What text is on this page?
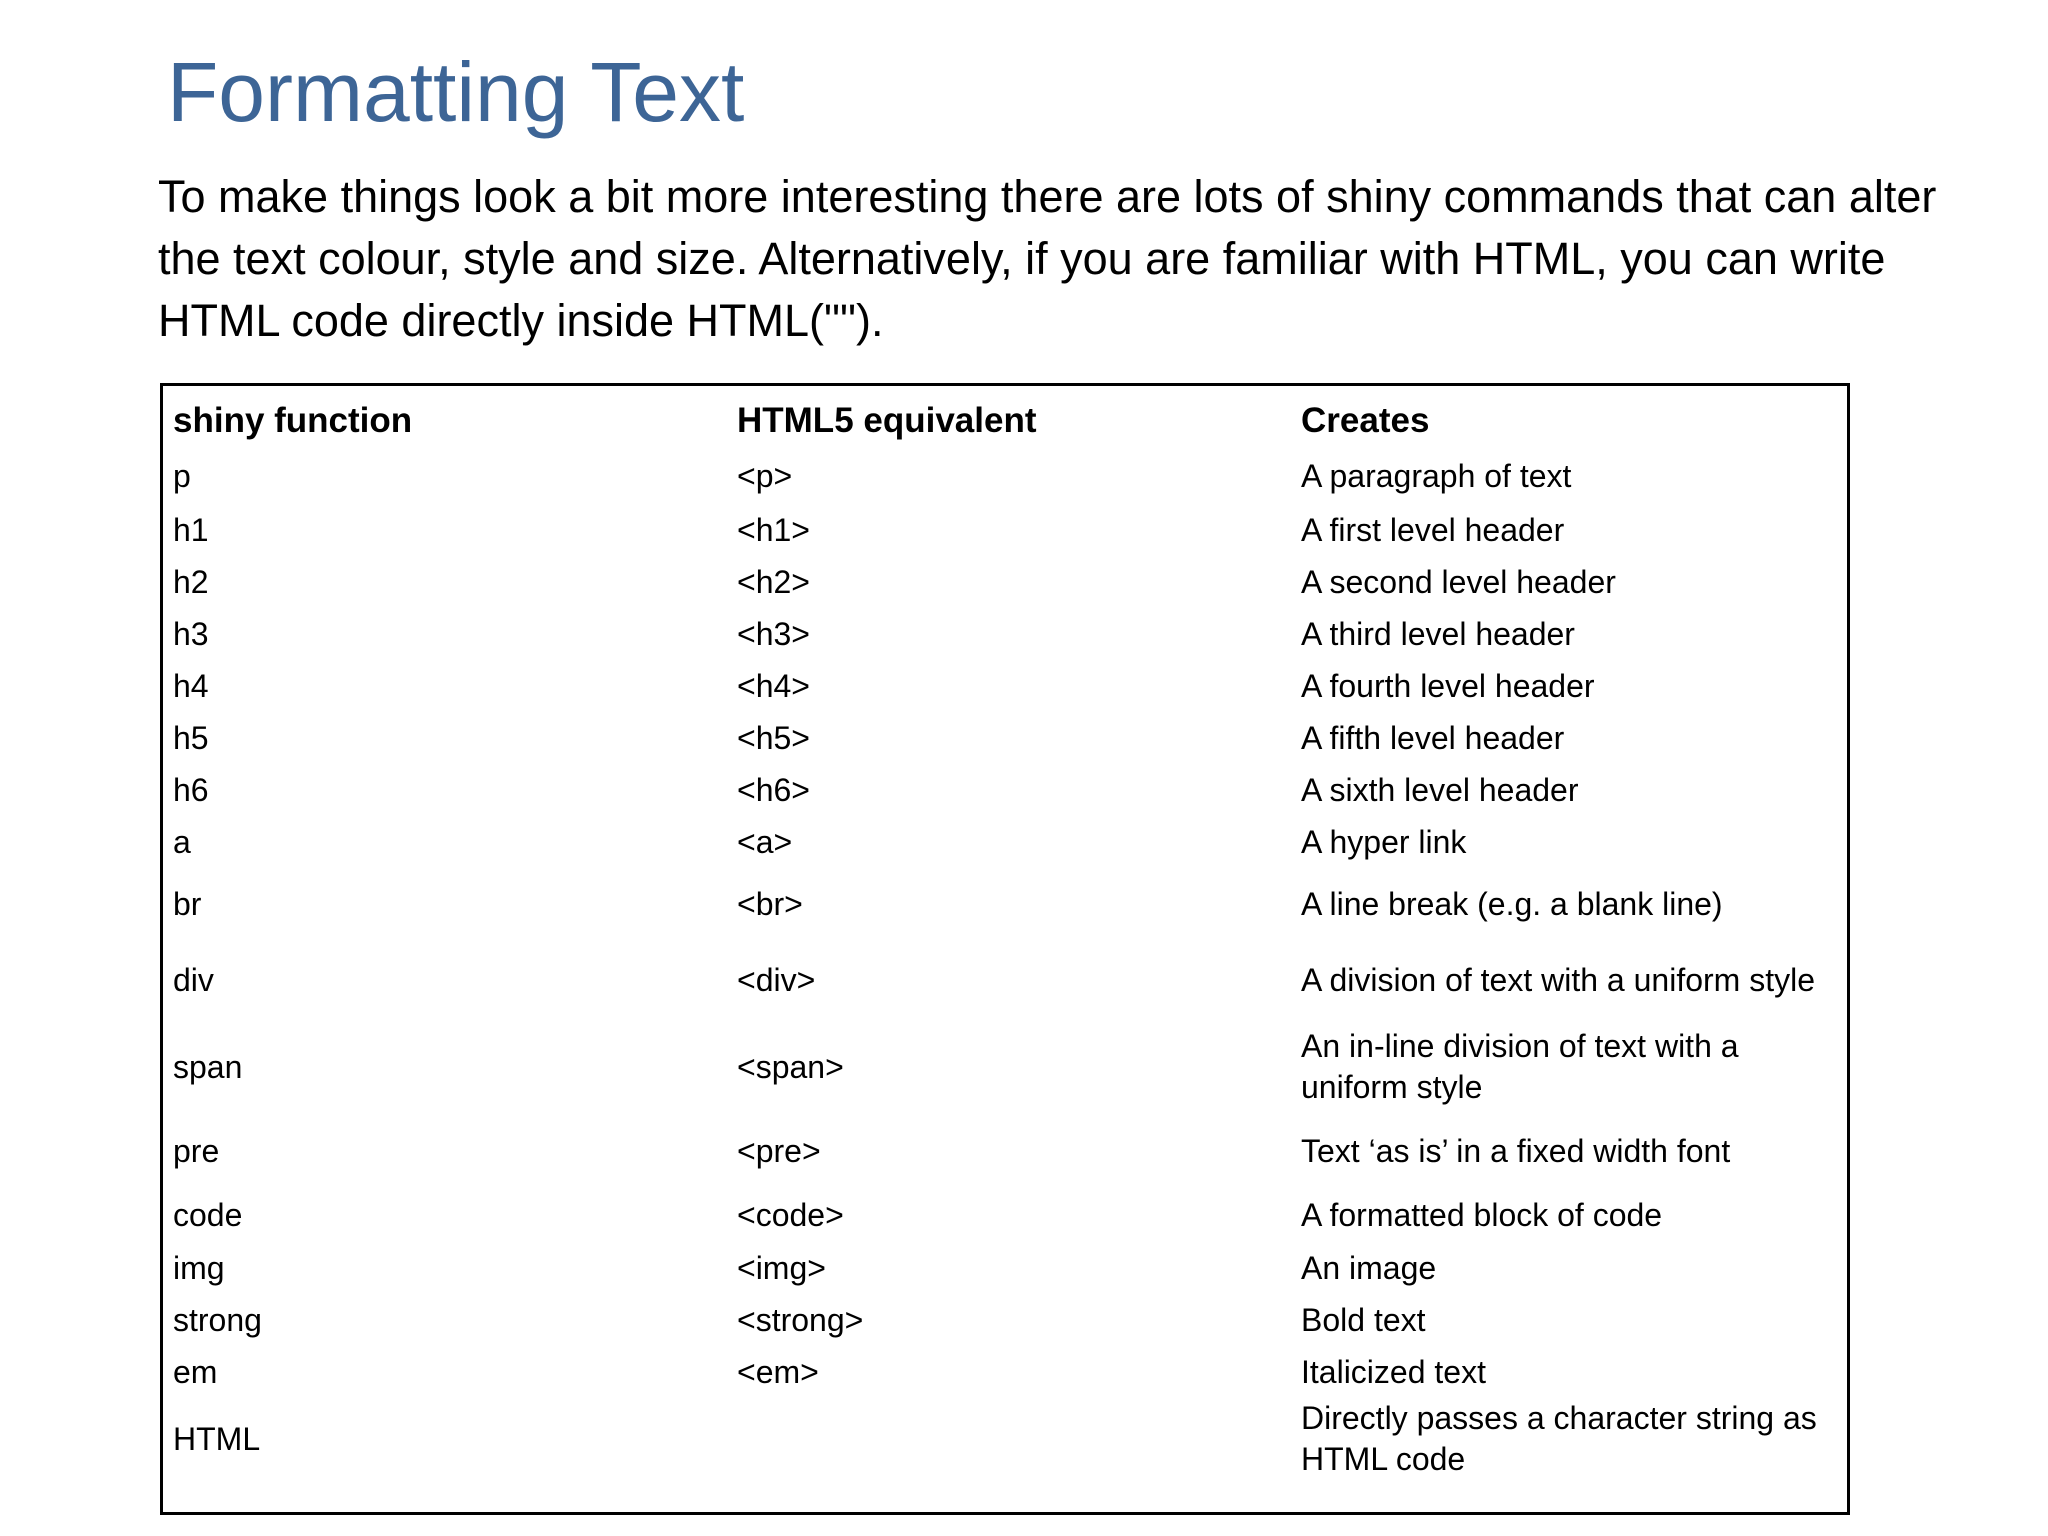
Formatting Text

To make things look a bit more interesting there are lots of shiny commands that can alter the text colour, style and size. Alternatively, if you are familiar with HTML, you can write HTML code directly inside HTML("").

shiny function	HTML5 equivalent	Creates
p	<p>	A paragraph of text
h1	<h1>	A first level header
h2	<h2>	A second level header
h3	<h3>	A third level header
h4	<h4>	A fourth level header
h5	<h5>	A fifth level header
h6	<h6>	A sixth level header
a	<a>	A hyper link
br	<br>	A line break (e.g. a blank line)
div	<div>	A division of text with a uniform style
span	<span>	An in-line division of text with a uniform style
pre	<pre>	Text ‘as is’ in a fixed width font
code	<code>	A formatted block of code
img	<img>	An image
strong	<strong>	Bold text
em	<em>	Italicized text
HTML		Directly passes a character string as HTML code
